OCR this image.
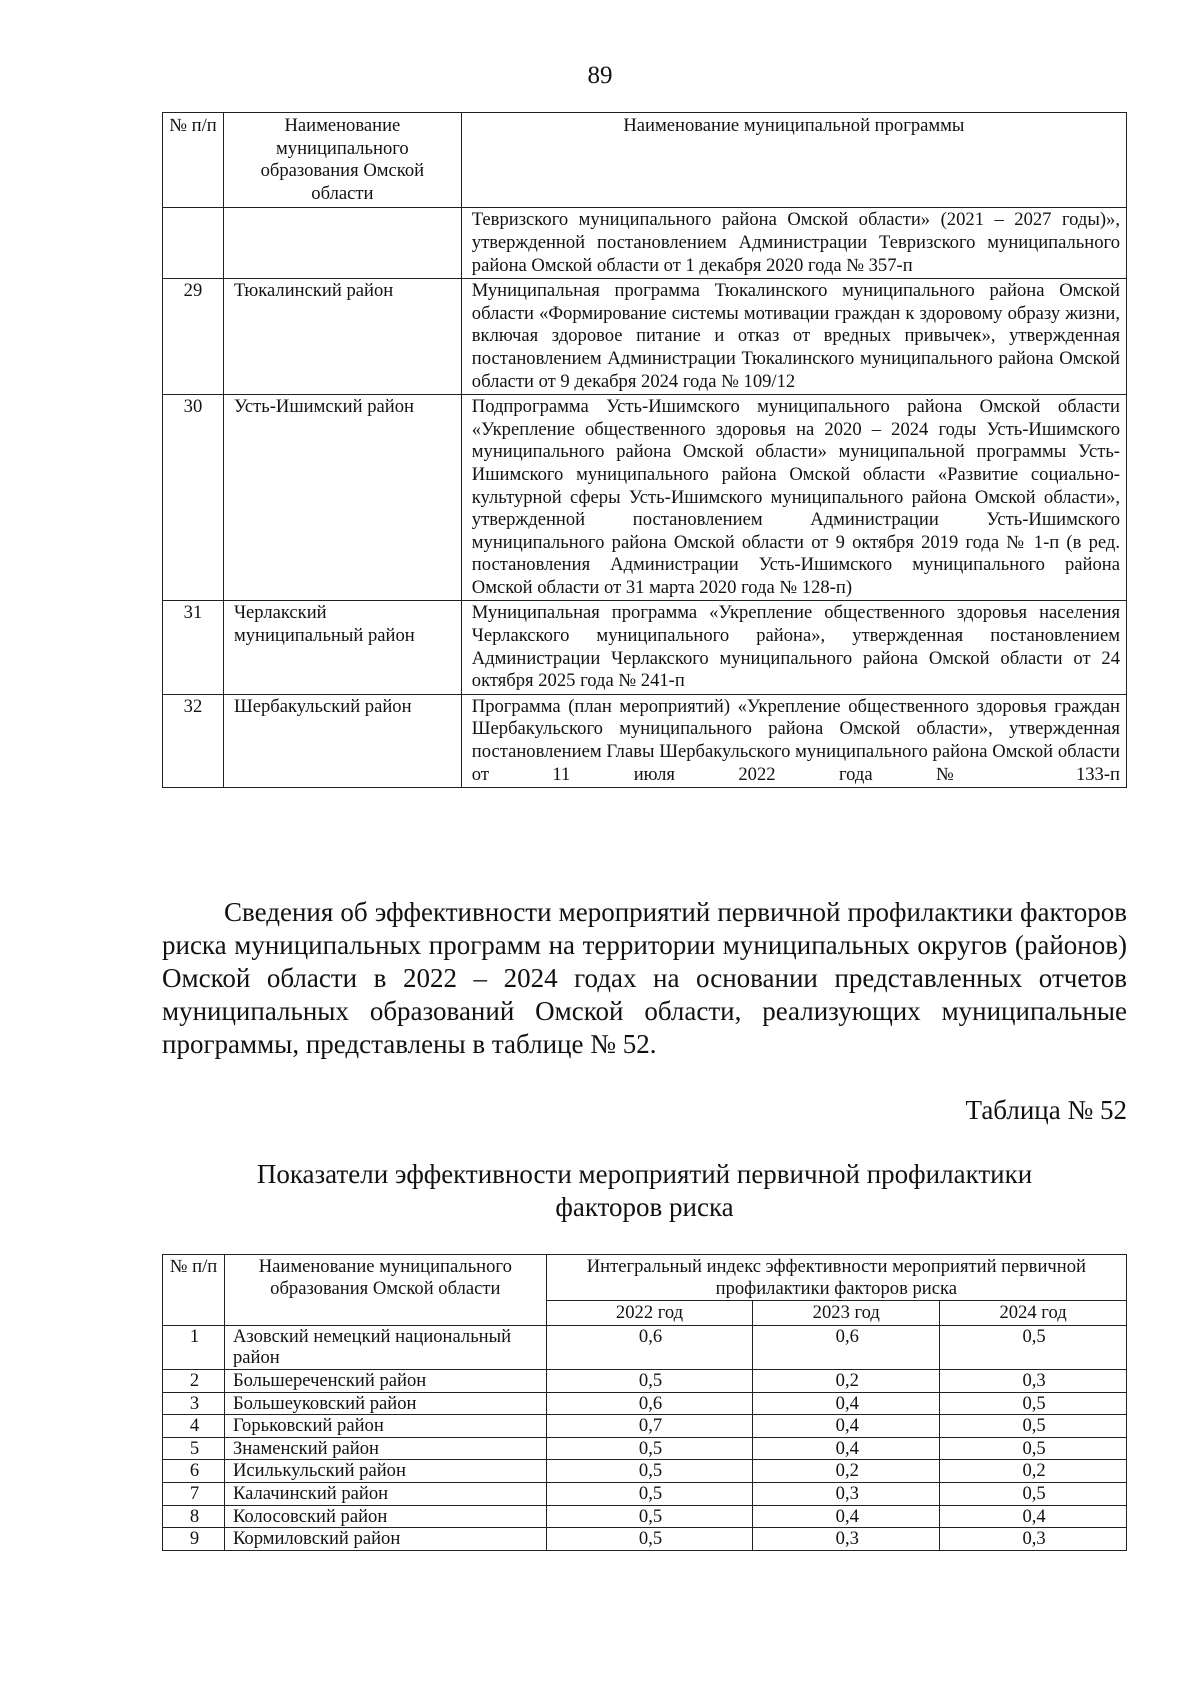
89
№ п/п	Наименование муниципального образования Омской области	Наименование муниципальной программы
		Тевризского муниципального района Омской области» (2021 – 2027 годы)», утвержденной постановлением Администрации Тевризского муниципального района Омской области от 1 декабря 2020 года № 357-п
29	Тюкалинский район	Муниципальная программа Тюкалинского муниципального района Омской области «Формирование системы мотивации граждан к здоровому образу жизни, включая здоровое питание и отказ от вредных привычек», утвержденная постановлением Администрации Тюкалинского муниципального района Омской области от 9 декабря 2024 года № 109/12
30	Усть-Ишимский район	Подпрограмма Усть-Ишимского муниципального района Омской области «Укрепление общественного здоровья на 2020 – 2024 годы Усть-Ишимского муниципального района Омской области» муниципальной программы Усть-Ишимского муниципального района Омской области «Развитие социально-культурной сферы Усть-Ишимского муниципального района Омской области», утвержденной постановлением Администрации Усть-Ишимского муниципального района Омской области от 9 октября 2019 года № 1-п (в ред. постановления Администрации Усть-Ишимского муниципального района Омской области от 31 марта 2020 года № 128-п)
31	Черлакский муниципальный район	Муниципальная программа «Укрепление общественного здоровья населения Черлакского муниципального района», утвержденная постановлением Администрации Черлакского муниципального района Омской области от 24 октября 2025 года № 241-п
32	Шербакульский район	Программа (план мероприятий) «Укрепление общественного здоровья граждан Шербакульского муниципального района Омской области», утвержденная постановлением Главы Шербакульского муниципального района Омской области от 11 июля 2022 года № 133-п

Сведения об эффективности мероприятий первичной профилактики факторов риска муниципальных программ на территории муниципальных округов (районов) Омской области в 2022 – 2024 годах на основании представленных отчетов муниципальных образований Омской области, реализующих муниципальные программы, представлены в таблице № 52.

Таблица № 52
Показатели эффективности мероприятий первичной профилактики
факторов риска
№ п/п	Наименование муниципального образования Омской области	Интегральный индекс эффективности мероприятий первичной профилактики факторов риска		
		2022 год	2023 год	2024 год
1	Азовский немецкий национальный район	0,6	0,6	0,5
2	Большереченский район	0,5	0,2	0,3
3	Большеуковский район	0,6	0,4	0,5
4	Горьковский район	0,7	0,4	0,5
5	Знаменский район	0,5	0,4	0,5
6	Исилькульский район	0,5	0,2	0,2
7	Калачинский район	0,5	0,3	0,5
8	Колосовский район	0,5	0,4	0,4
9	Кормиловский район	0,5	0,3	0,3
